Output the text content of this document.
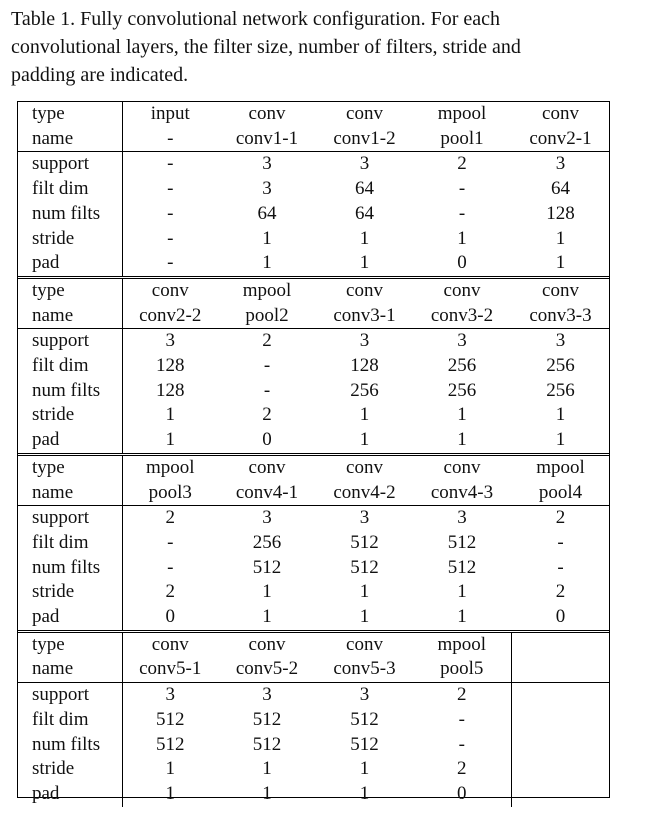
Table 1. Fully convolutional network configuration. For each
convolutional layers, the filter size, number of filters, stride and
padding are indicated.

type	input	conv	conv	mpool	conv
name	-	conv1-1	conv1-2	pool1	conv2-1
support	-	3	3	2	3
filt dim	-	3	64	-	64
num filts	-	64	64	-	128
stride	-	1	1	1	1
pad	-	1	1	0	1
type	conv	mpool	conv	conv	conv
name	conv2-2	pool2	conv3-1	conv3-2	conv3-3
support	3	2	3	3	3
filt dim	128	-	128	256	256
num filts	128	-	256	256	256
stride	1	2	1	1	1
pad	1	0	1	1	1
type	mpool	conv	conv	conv	mpool
name	pool3	conv4-1	conv4-2	conv4-3	pool4
support	2	3	3	3	2
filt dim	-	256	512	512	-
num filts	-	512	512	512	-
stride	2	1	1	1	2
pad	0	1	1	1	0
type	conv	conv	conv	mpool	
name	conv5-1	conv5-2	conv5-3	pool5	
support	3	3	3	2	
filt dim	512	512	512	-	
num filts	512	512	512	-	
stride	1	1	1	2	
pad	1	1	1	0	
